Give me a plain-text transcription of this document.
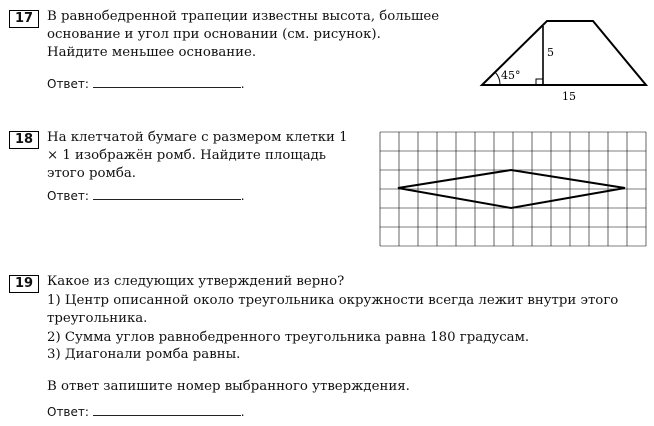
17	В равнобедренной трапеции известны высота, большее основание и угол при основании (см. рисунок). Найдите меньшее основание.
Ответ:	.
45°
5
15
18	На клетчатой бумаге с размером клетки 1 × 1 изображён ромб. Найдите площадь этого ромба.
Ответ:	.
19	Какое из следующих утверждений верно?
1) Центр описанной около треугольника окружности всегда лежит внутри этого треугольника.
2) Сумма углов равнобедренного треугольника равна 180 градусам.
3) Диагонали ромба равны.
В ответ запишите номер выбранного утверждения.
Ответ:	.
